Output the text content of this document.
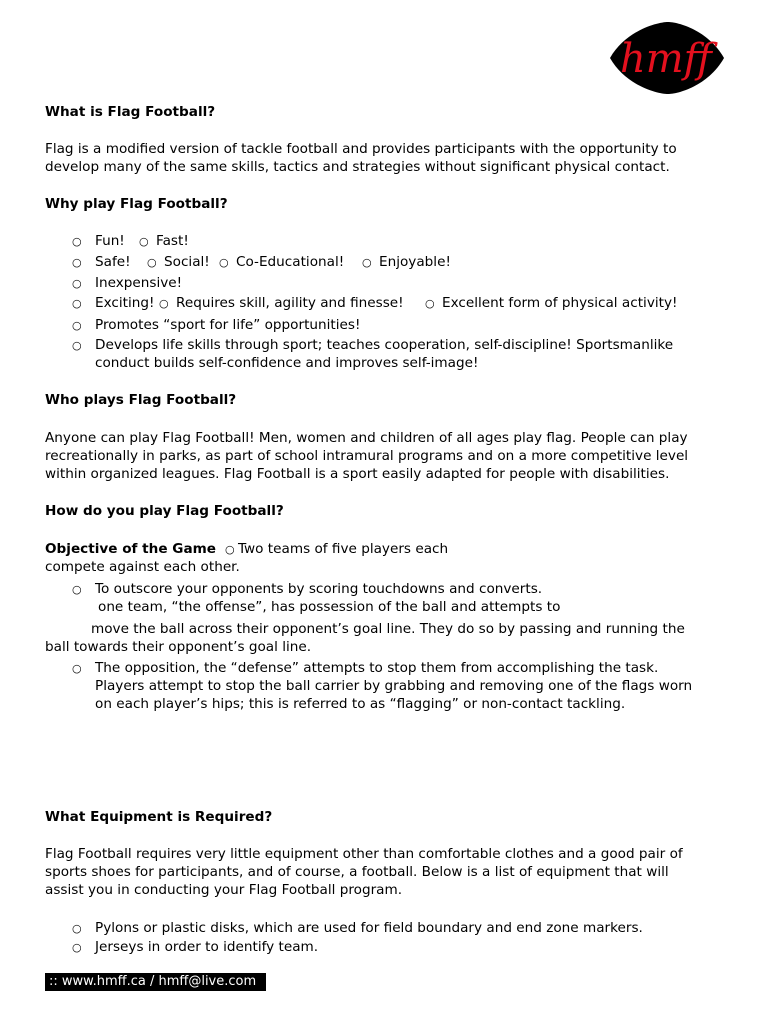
hmff
What is Flag Football?
Flag is a modified version of tackle football and provides participants with the opportunity to
develop many of the same skills, tactics and strategies without significant physical contact.
Why play Flag Football?
○ Fun! ○ Fast!
○ Safe! ○ Social! ○ Co-Educational! ○ Enjoyable!
○ Inexpensive!
○ Exciting! ○ Requires skill, agility and finesse! ○ Excellent form of physical activity!
○ Promotes “sport for life” opportunities!
○ Develops life skills through sport; teaches cooperation, self-discipline! Sportsmanlike
conduct builds self-confidence and improves self-image!
Who plays Flag Football?
Anyone can play Flag Football! Men, women and children of all ages play flag. People can play
recreationally in parks, as part of school intramural programs and on a more competitive level
within organized leagues. Flag Football is a sport easily adapted for people with disabilities.
How do you play Flag Football?
Objective of the Game ○ Two teams of five players each
compete against each other.
○ To outscore your opponents by scoring touchdowns and converts.
one team, “the offense”, has possession of the ball and attempts to
move the ball across their opponent’s goal line. They do so by passing and running the
ball towards their opponent’s goal line.
○ The opposition, the “defense” attempts to stop them from accomplishing the task.
Players attempt to stop the ball carrier by grabbing and removing one of the flags worn
on each player’s hips; this is referred to as “flagging” or non-contact tackling.
What Equipment is Required?
Flag Football requires very little equipment other than comfortable clothes and a good pair of
sports shoes for participants, and of course, a football. Below is a list of equipment that will
assist you in conducting your Flag Football program.
○ Pylons or plastic disks, which are used for field boundary and end zone markers.
○ Jerseys in order to identify team.
:: www.hmff.ca / hmff@live.com
